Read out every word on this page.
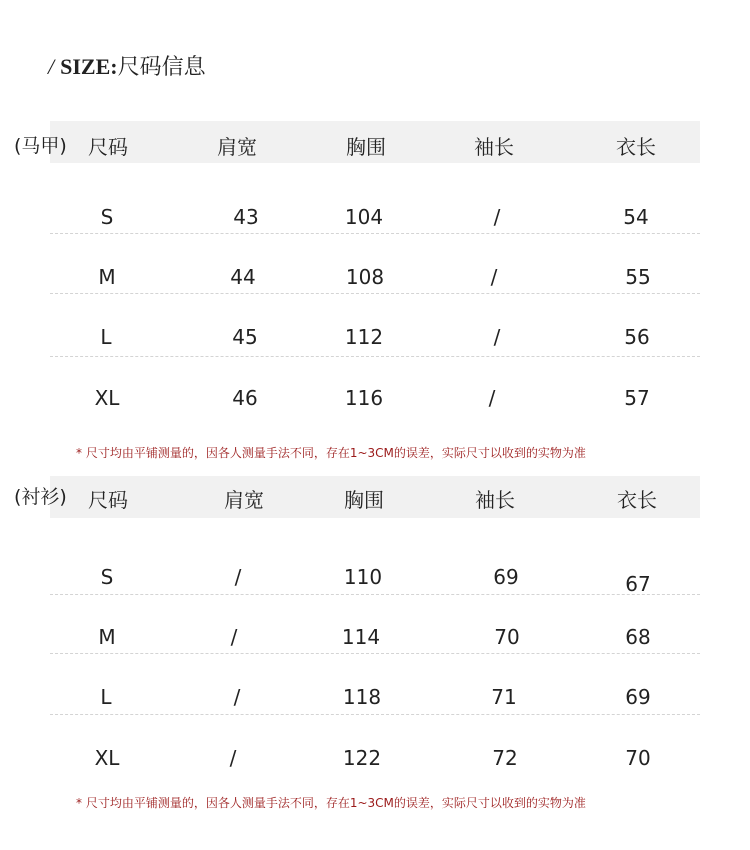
/ SIZE:尺码信息
(马甲) 尺码	肩宽	胸围	袖长	衣长
S	43	104	/	54
M	44	108	/	55
L	45	112	/	56
XL	46	116	/	57
* 尺寸均由平铺测量的，因各人测量手法不同，存在1~3CM的误差，实际尺寸以收到的实物为准
(衬衫) 尺码	肩宽	胸围	袖长	衣长
S	/	110	69	67
M	/	114	70	68
L	/	118	71	69
XL	/	122	72	70
* 尺寸均由平铺测量的，因各人测量手法不同，存在1~3CM的误差，实际尺寸以收到的实物为准
